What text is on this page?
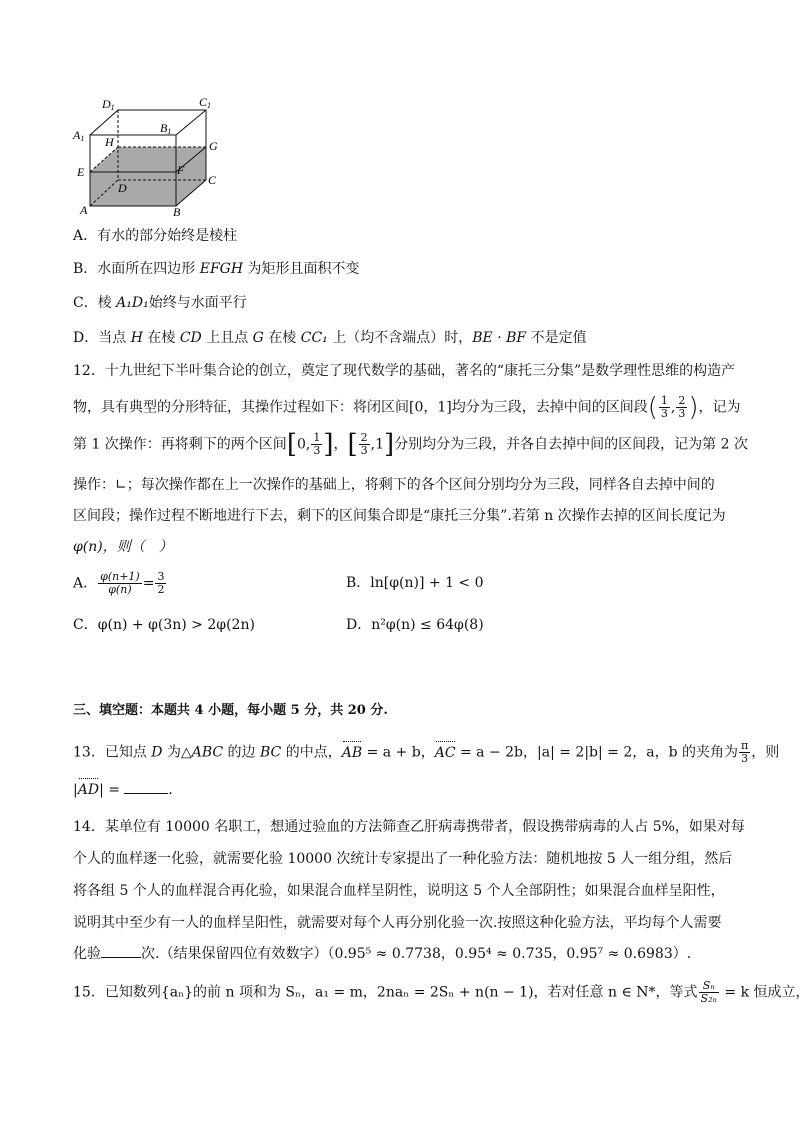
D1	C1
A1
B1
H	G
E	F
C
D
A	B
A．有水的部分始终是棱柱
B．水面所在四边形 EFGH 为矩形且面积不变
C．棱 A₁D₁始终与水面平行
D．当点 H 在棱 CD 上且点 G 在棱 CC₁ 上（均不含端点）时，BE · BF 不是定值
12．十九世纪下半叶集合论的创立，奠定了现代数学的基础，著名的“康托三分集”是数学理性思维的构造产
物，具有典型的分形特征，其操作过程如下：将闭区间[0，1]均分为三段，去掉中间的区间段( $\frac{1}{3}$ , $\frac{2}{3}$ )，记为
第 1 次操作：再将剩下的两个区间[0, $\frac{1}{3}$ ]，[ $\frac{2}{3} ,1$]分别均分为三段，并各自去掉中间的区间段，记为第 2 次
操作：∟；每次操作都在上一次操作的基础上，将剩下的各个区间分别均分为三段，同样各自去掉中间的
区间段；操作过程不断地进行下去，剩下的区间集合即是“康托三分集”.若第 n 次操作去掉的区间长度记为
φ(n)，则（　）
A． $\frac{\varphi(n+1)}{\varphi(n)} = \frac{3}{2}$	B．ln[φ(n)] + 1 < 0
C．φ(n) + φ(3n) > 2φ(2n)	D．n²φ(n) ≤ 64φ(8)
三、填空题：本题共 4 小题，每小题 5 分，共 20 分.
13．已知点 D 为△ABC 的边 BC 的中点，AB = a + b，AC = a − 2b，|a| = 2|b| = 2，a，b 的夹角为 $\frac{\pi}{3}$ ，则
|AD| =	.
14．某单位有 10000 名职工，想通过验血的方法筛查乙肝病毒携带者，假设携带病毒的人占 5%，如果对每
个人的血样逐一化验，就需要化验 10000 次统计专家提出了一种化验方法：随机地按 5 人一组分组，然后
将各组 5 个人的血样混合再化验，如果混合血样呈阴性，说明这 5 个人全部阴性；如果混合血样呈阳性，
说明其中至少有一人的血样呈阳性，就需要对每个人再分别化验一次.按照这种化验方法，平均每个人需要
化验	次.（结果保留四位有效数字）（0.95⁵ ≈ 0.7738，0.95⁴ ≈ 0.735，0.95⁷ ≈ 0.6983）.
15．已知数列{aₙ}的前 n 项和为 Sₙ，a₁ = m，2naₙ = 2Sₙ + n(n − 1)，若对任意 n ∈ N*，等式 $\frac{\text{Sₙ}}{\text{S₂ₙ}} = k$ 恒成立，
